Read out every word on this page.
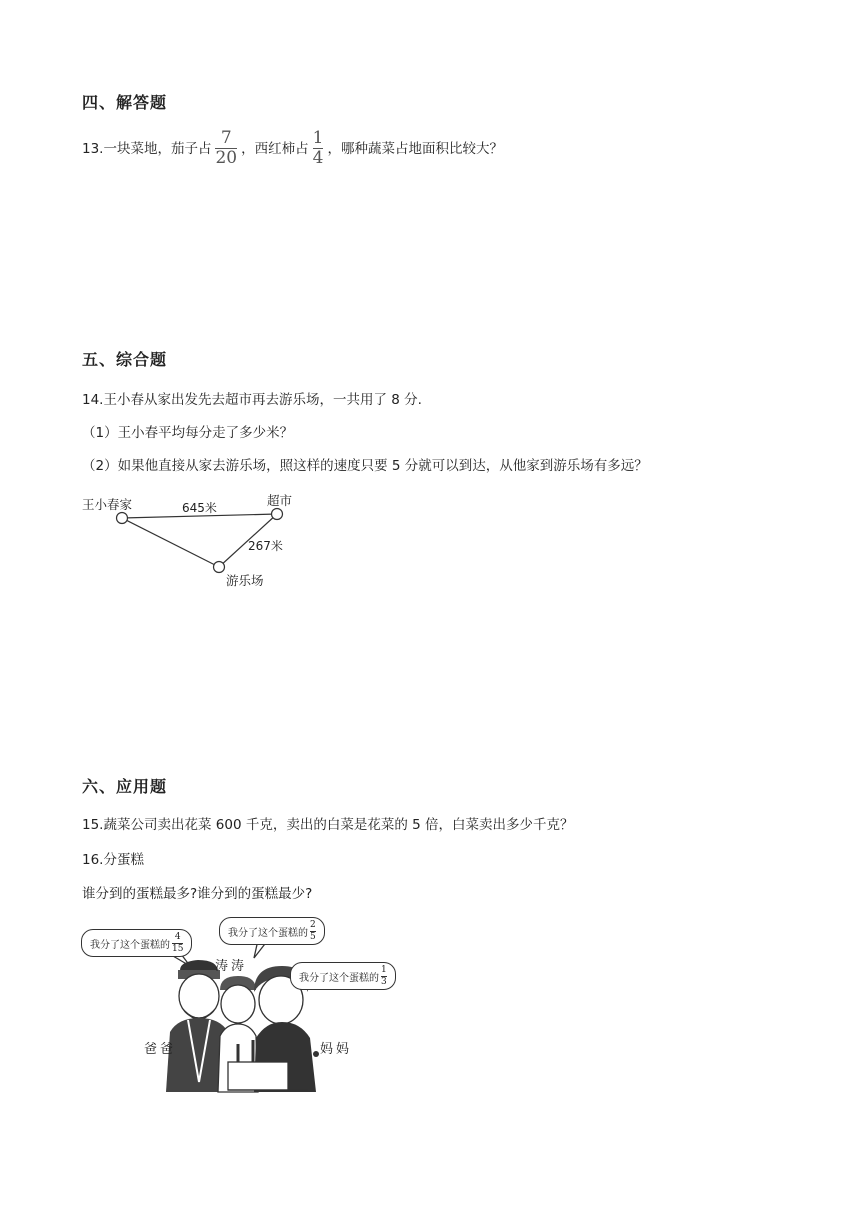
四、解答题
13.一块菜地，茄子占 $\frac{7}{20}$ ，西红柿占 $\frac{1}{4}$ ，哪种蔬菜占地面积比较大？
五、综合题
14.王小春从家出发先去超市再去游乐场，一共用了 8 分.
（1）王小春平均每分走了多少米？
（2）如果他直接从家去游乐场，照这样的速度只要 5 分就可以到达，从他家到游乐场有多远？
王小春家	超市
645米
267米
游乐场
六、应用题
15.蔬菜公司卖出花菜 600 千克，卖出的白菜是花菜的 5 倍，白菜卖出多少千克？
16.分蛋糕
谁分到的蛋糕最多?谁分到的蛋糕最少?
我分了这个蛋糕的 $\frac{4}{15}$	我分了这个蛋糕的 $\frac{2}{5}$
我分了这个蛋糕的 $\frac{1}{3}$
涛涛
爸爸	妈妈
